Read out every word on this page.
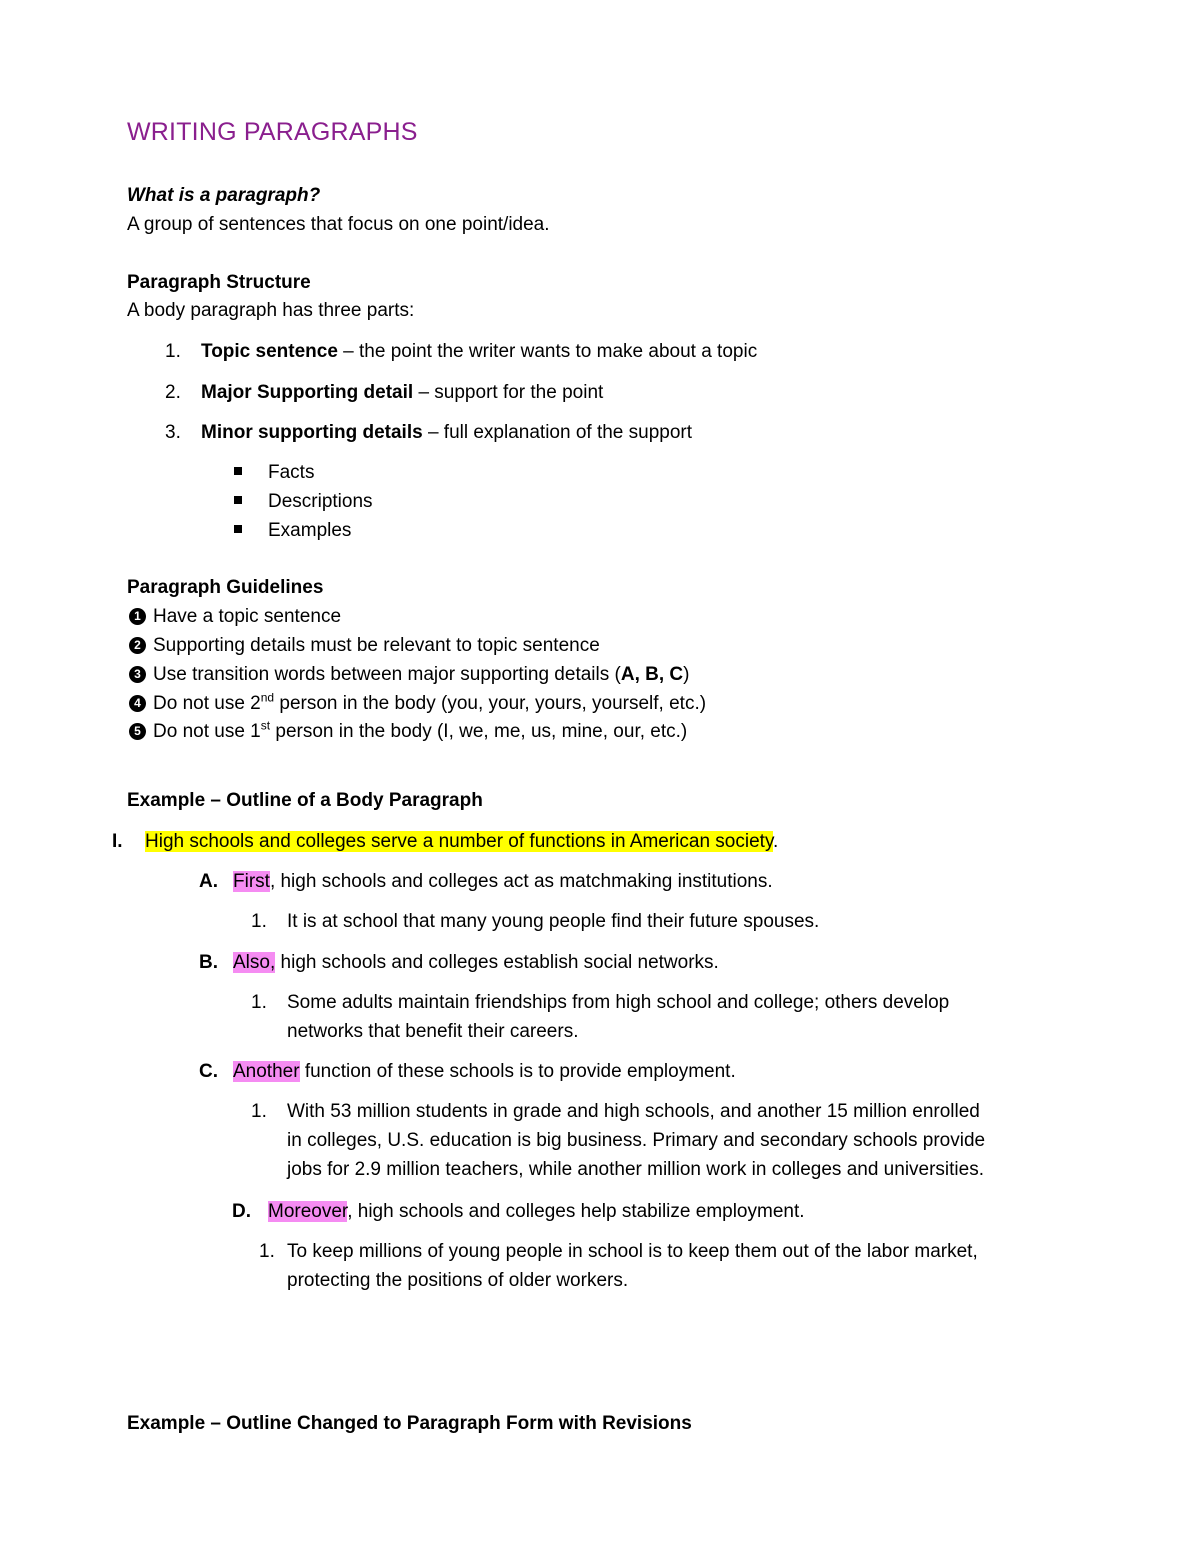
WRITING PARAGRAPHS
What is a paragraph?
A group of sentences that focus on one point/idea.
Paragraph Structure
A body paragraph has three parts:
1. Topic sentence – the point the writer wants to make about a topic
2. Major Supporting detail – support for the point
3. Minor supporting details – full explanation of the support
Facts
Descriptions
Examples
Paragraph Guidelines
1 Have a topic sentence
2 Supporting details must be relevant to topic sentence
3 Use transition words between major supporting details (A, B, C)
4 Do not use 2nd person in the body (you, your, yours, yourself, etc.)
5 Do not use 1st person in the body (I, we, me, us, mine, our, etc.)
Example – Outline of a Body Paragraph
I. High schools and colleges serve a number of functions in American society.
A. First, high schools and colleges act as matchmaking institutions.
1. It is at school that many young people find their future spouses.
B. Also, high schools and colleges establish social networks.
1. Some adults maintain friendships from high school and college; others develop
networks that benefit their careers.
C. Another function of these schools is to provide employment.
1. With 53 million students in grade and high schools, and another 15 million enrolled
in colleges, U.S. education is big business. Primary and secondary schools provide
jobs for 2.9 million teachers, while another million work in colleges and universities.
D. Moreover, high schools and colleges help stabilize employment.
1. To keep millions of young people in school is to keep them out of the labor market,
protecting the positions of older workers.
Example – Outline Changed to Paragraph Form with Revisions
